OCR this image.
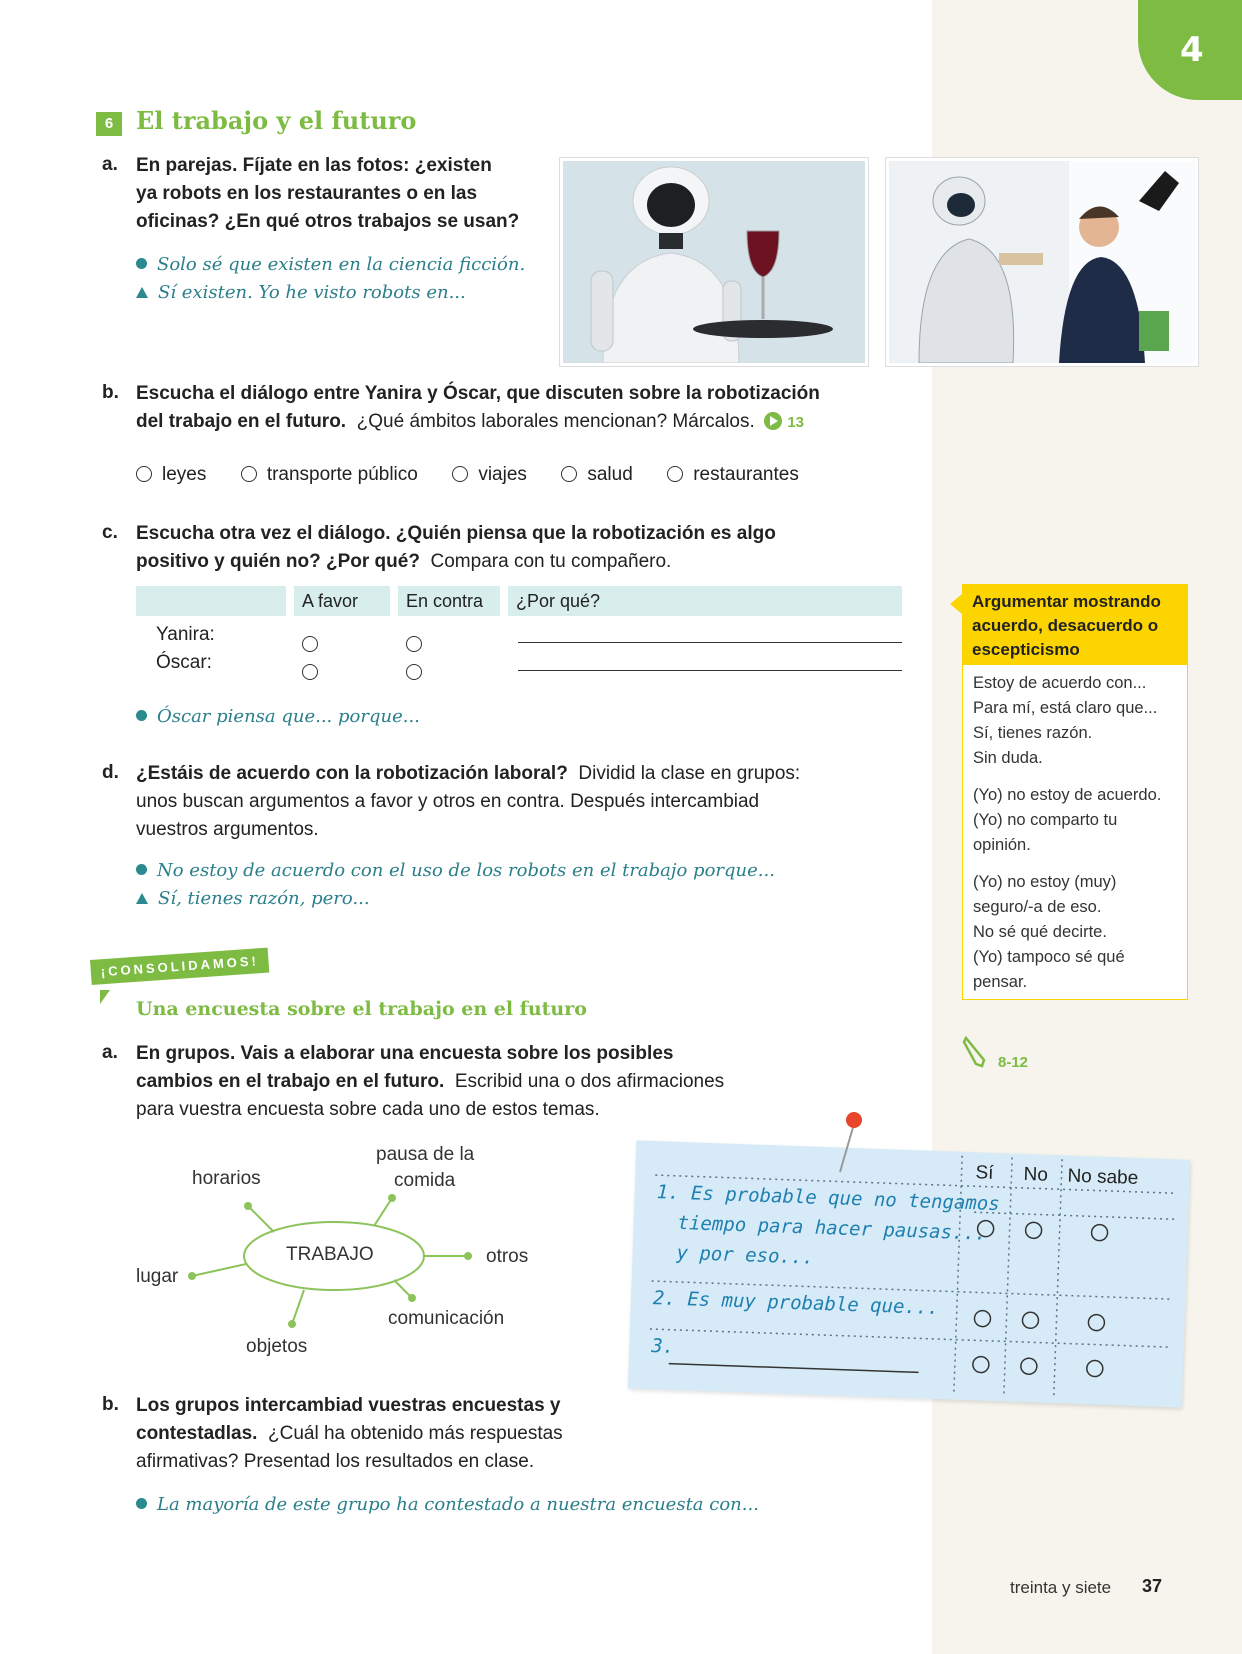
4
6 El trabajo y el futuro
a. En parejas. Fíjate en las fotos: ¿existen
ya robots en los restaurantes o en las
oficinas? ¿En qué otros trabajos se usan?
Solo sé que existen en la ciencia ficción.
Sí existen. Yo he visto robots en...
b. Escucha el diálogo entre Yanira y Óscar, que discuten sobre la robotización
del trabajo en el futuro. ¿Qué ámbitos laborales mencionan? Márcalos. 13
leyes	transporte público	viajes	salud	restaurantes
c. Escucha otra vez el diálogo. ¿Quién piensa que la robotización es algo
positivo y quién no? ¿Por qué? Compara con tu compañero.
A favor	En contra	¿Por qué?
Yanira:
Óscar:
Óscar piensa que... porque...
d. ¿Estáis de acuerdo con la robotización laboral? Dividid la clase en grupos:
unos buscan argumentos a favor y otros en contra. Después intercambiad
vuestros argumentos.
No estoy de acuerdo con el uso de los robots en el trabajo porque...
Sí, tienes razón, pero...
Argumentar mostrando
acuerdo, desacuerdo o
escepticismo

Estoy de acuerdo con...
Para mí, está claro que...
Sí, tienes razón.
Sin duda.

(Yo) no estoy de acuerdo.
(Yo) no comparto tu
opinión.

(Yo) no estoy (muy)
seguro/-a de eso.
No sé qué decirte.
(Yo) tampoco sé qué
pensar.

8-12
¡CONSOLIDAMOS!
Una encuesta sobre el trabajo en el futuro
a. En grupos. Vais a elaborar una encuesta sobre los posibles
cambios en el trabajo en el futuro. Escribid una o dos afirmaciones
para vuestra encuesta sobre cada uno de estos temas.
TRABAJO
horarios
pausa de la
comida
otros
lugar
comunicación
objetos
Sí No No sabe
1. Es probable que no tengamos
tiempo para hacer pausas...
y por eso...
2. Es muy probable que...
3.
b. Los grupos intercambiad vuestras encuestas y
contestadlas. ¿Cuál ha obtenido más respuestas
afirmativas? Presentad los resultados en clase.
La mayoría de este grupo ha contestado a nuestra encuesta con...
treinta y siete 37
